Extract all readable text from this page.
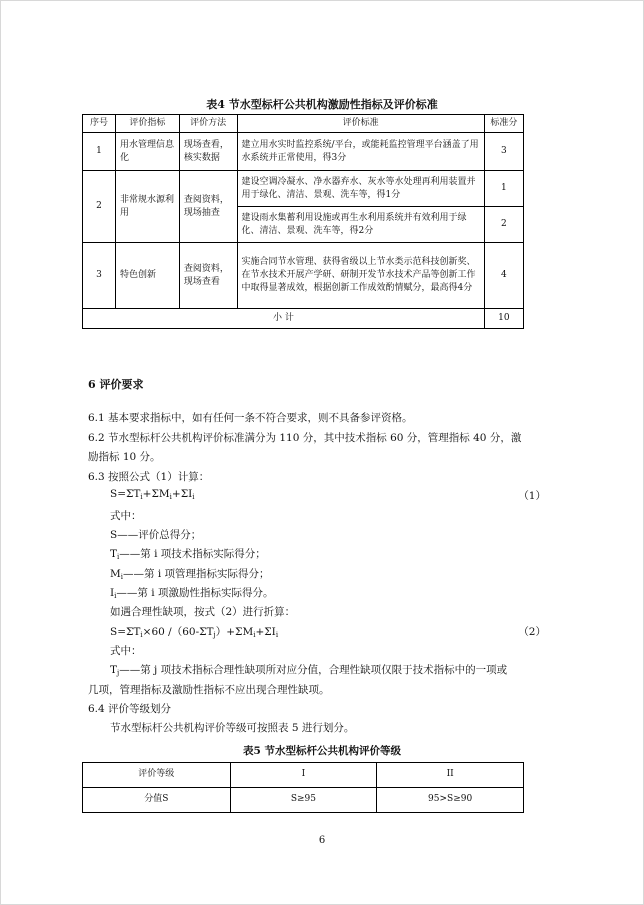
表4 节水型标杆公共机构激励性指标及评价标准
序号	评价指标	评价方法	评价标准	标准分
1	用水管理信息化	现场查看，核实数据	建立用水实时监控系统/平台，或能耗监控管理平台涵盖了用水系统并正常使用，得3分	3
2	非常规水源利用	查阅资料，现场抽查	建设空调冷凝水、净水器弃水、灰水等水处理再利用装置并用于绿化、清洁、景观、洗车等，得1分	1
			建设雨水集蓄利用设施或再生水利用系统并有效利用于绿化、清洁、景观、洗车等，得2分	2
3	特色创新	查阅资料，现场查看	实施合同节水管理、获得省级以上节水类示范科技创新奖、在节水技术开展产学研、研制开发节水技术产品等创新工作中取得显著成效，根据创新工作成效酌情赋分，最高得4分	4
小 计				10
6 评价要求
6.1 基本要求指标中，如有任何一条不符合要求，则不具备参评资格。
6.2 节水型标杆公共机构评价标准满分为 110 分，其中技术指标 60 分，管理指标 40 分，激
励指标 10 分。
6.3 按照公式（1）计算：
$S=\Sigma T_i+\Sigma M_i+\Sigma I_i$	（1）
式中：
S——评价总得分；
$T_i——$第 i 项技术指标实际得分；
$M_i——$第 i 项管理指标实际得分；
$I_i——$第 i 项激励性指标实际得分。
如遇合理性缺项，按式（2）进行折算：
$S=\Sigma T_i\times 60$ $/(60-\Sigma T_j)+\Sigma M_i+\Sigma I_i$	（2）
式中：
$T_j——$第 j 项技术指标合理性缺项所对应分值，合理性缺项仅限于技术指标中的一项或
几项，管理指标及激励性指标不应出现合理性缺项。
6.4 评价等级划分
节水型标杆公共机构评价等级可按照表 5 进行划分。
表5 节水型标杆公共机构评价等级
评价等级	I	II
分值S	S≥95	95>S≥90
6
